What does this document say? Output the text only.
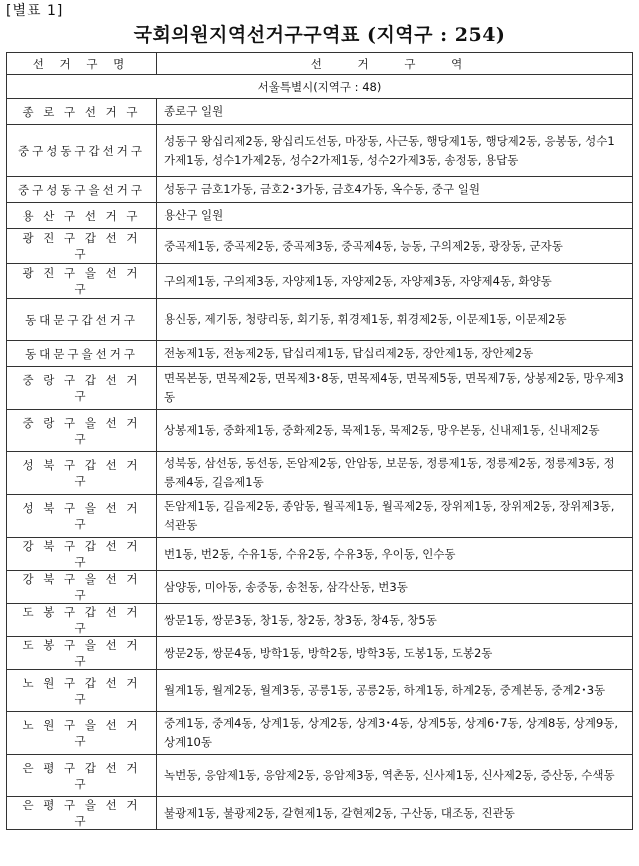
[별표 1]
국회의원지역선거구구역표 (지역구 : 254)
선 거 구 명	선 거 구 역
서울특별시(지역구 : 48)	
종 로 구 선 거 구	종로구 일원
중구성동구갑선거구	성동구 왕십리제2동, 왕십리도선동, 마장동, 사근동, 행당제1동, 행당제2동, 응봉동, 성수1가제1동, 성수1가제2동, 성수2가제1동, 성수2가제3동, 송정동, 용답동
중구성동구을선거구	성동구 금호1가동, 금호2･3가동, 금호4가동, 옥수동, 중구 일원
용 산 구 선 거 구	용산구 일원
광 진 구 갑 선 거 구	중곡제1동, 중곡제2동, 중곡제3동, 중곡제4동, 능동, 구의제2동, 광장동, 군자동
광 진 구 을 선 거 구	구의제1동, 구의제3동, 자양제1동, 자양제2동, 자양제3동, 자양제4동, 화양동
동대문구갑선거구	용신동, 제기동, 청량리동, 회기동, 휘경제1동, 휘경제2동, 이문제1동, 이문제2동
동대문구을선거구	전농제1동, 전농제2동, 답십리제1동, 답십리제2동, 장안제1동, 장안제2동
중 랑 구 갑 선 거 구	면목본동, 면목제2동, 면목제3･8동, 면목제4동, 면목제5동, 면목제7동, 상봉제2동, 망우제3동
중 랑 구 을 선 거 구	상봉제1동, 중화제1동, 중화제2동, 묵제1동, 묵제2동, 망우본동, 신내제1동, 신내제2동
성 북 구 갑 선 거 구	성북동, 삼선동, 동선동, 돈암제2동, 안암동, 보문동, 정릉제1동, 정릉제2동, 정릉제3동, 정릉제4동, 길음제1동
성 북 구 을 선 거 구	돈암제1동, 길음제2동, 종암동, 월곡제1동, 월곡제2동, 장위제1동, 장위제2동, 장위제3동, 석관동
강 북 구 갑 선 거 구	번1동, 번2동, 수유1동, 수유2동, 수유3동, 우이동, 인수동
강 북 구 을 선 거 구	삼양동, 미아동, 송중동, 송천동, 삼각산동, 번3동
도 봉 구 갑 선 거 구	쌍문1동, 쌍문3동, 창1동, 창2동, 창3동, 창4동, 창5동
도 봉 구 을 선 거 구	쌍문2동, 쌍문4동, 방학1동, 방학2동, 방학3동, 도봉1동, 도봉2동
노 원 구 갑 선 거 구	월계1동, 월계2동, 월계3동, 공릉1동, 공릉2동, 하계1동, 하계2동, 중계본동, 중계2･3동
노 원 구 을 선 거 구	중계1동, 중계4동, 상계1동, 상계2동, 상계3･4동, 상계5동, 상계6･7동, 상계8동, 상계9동, 상계10동
은 평 구 갑 선 거 구	녹번동, 응암제1동, 응암제2동, 응암제3동, 역촌동, 신사제1동, 신사제2동, 증산동, 수색동
은 평 구 을 선 거 구	불광제1동, 불광제2동, 갈현제1동, 갈현제2동, 구산동, 대조동, 진관동
